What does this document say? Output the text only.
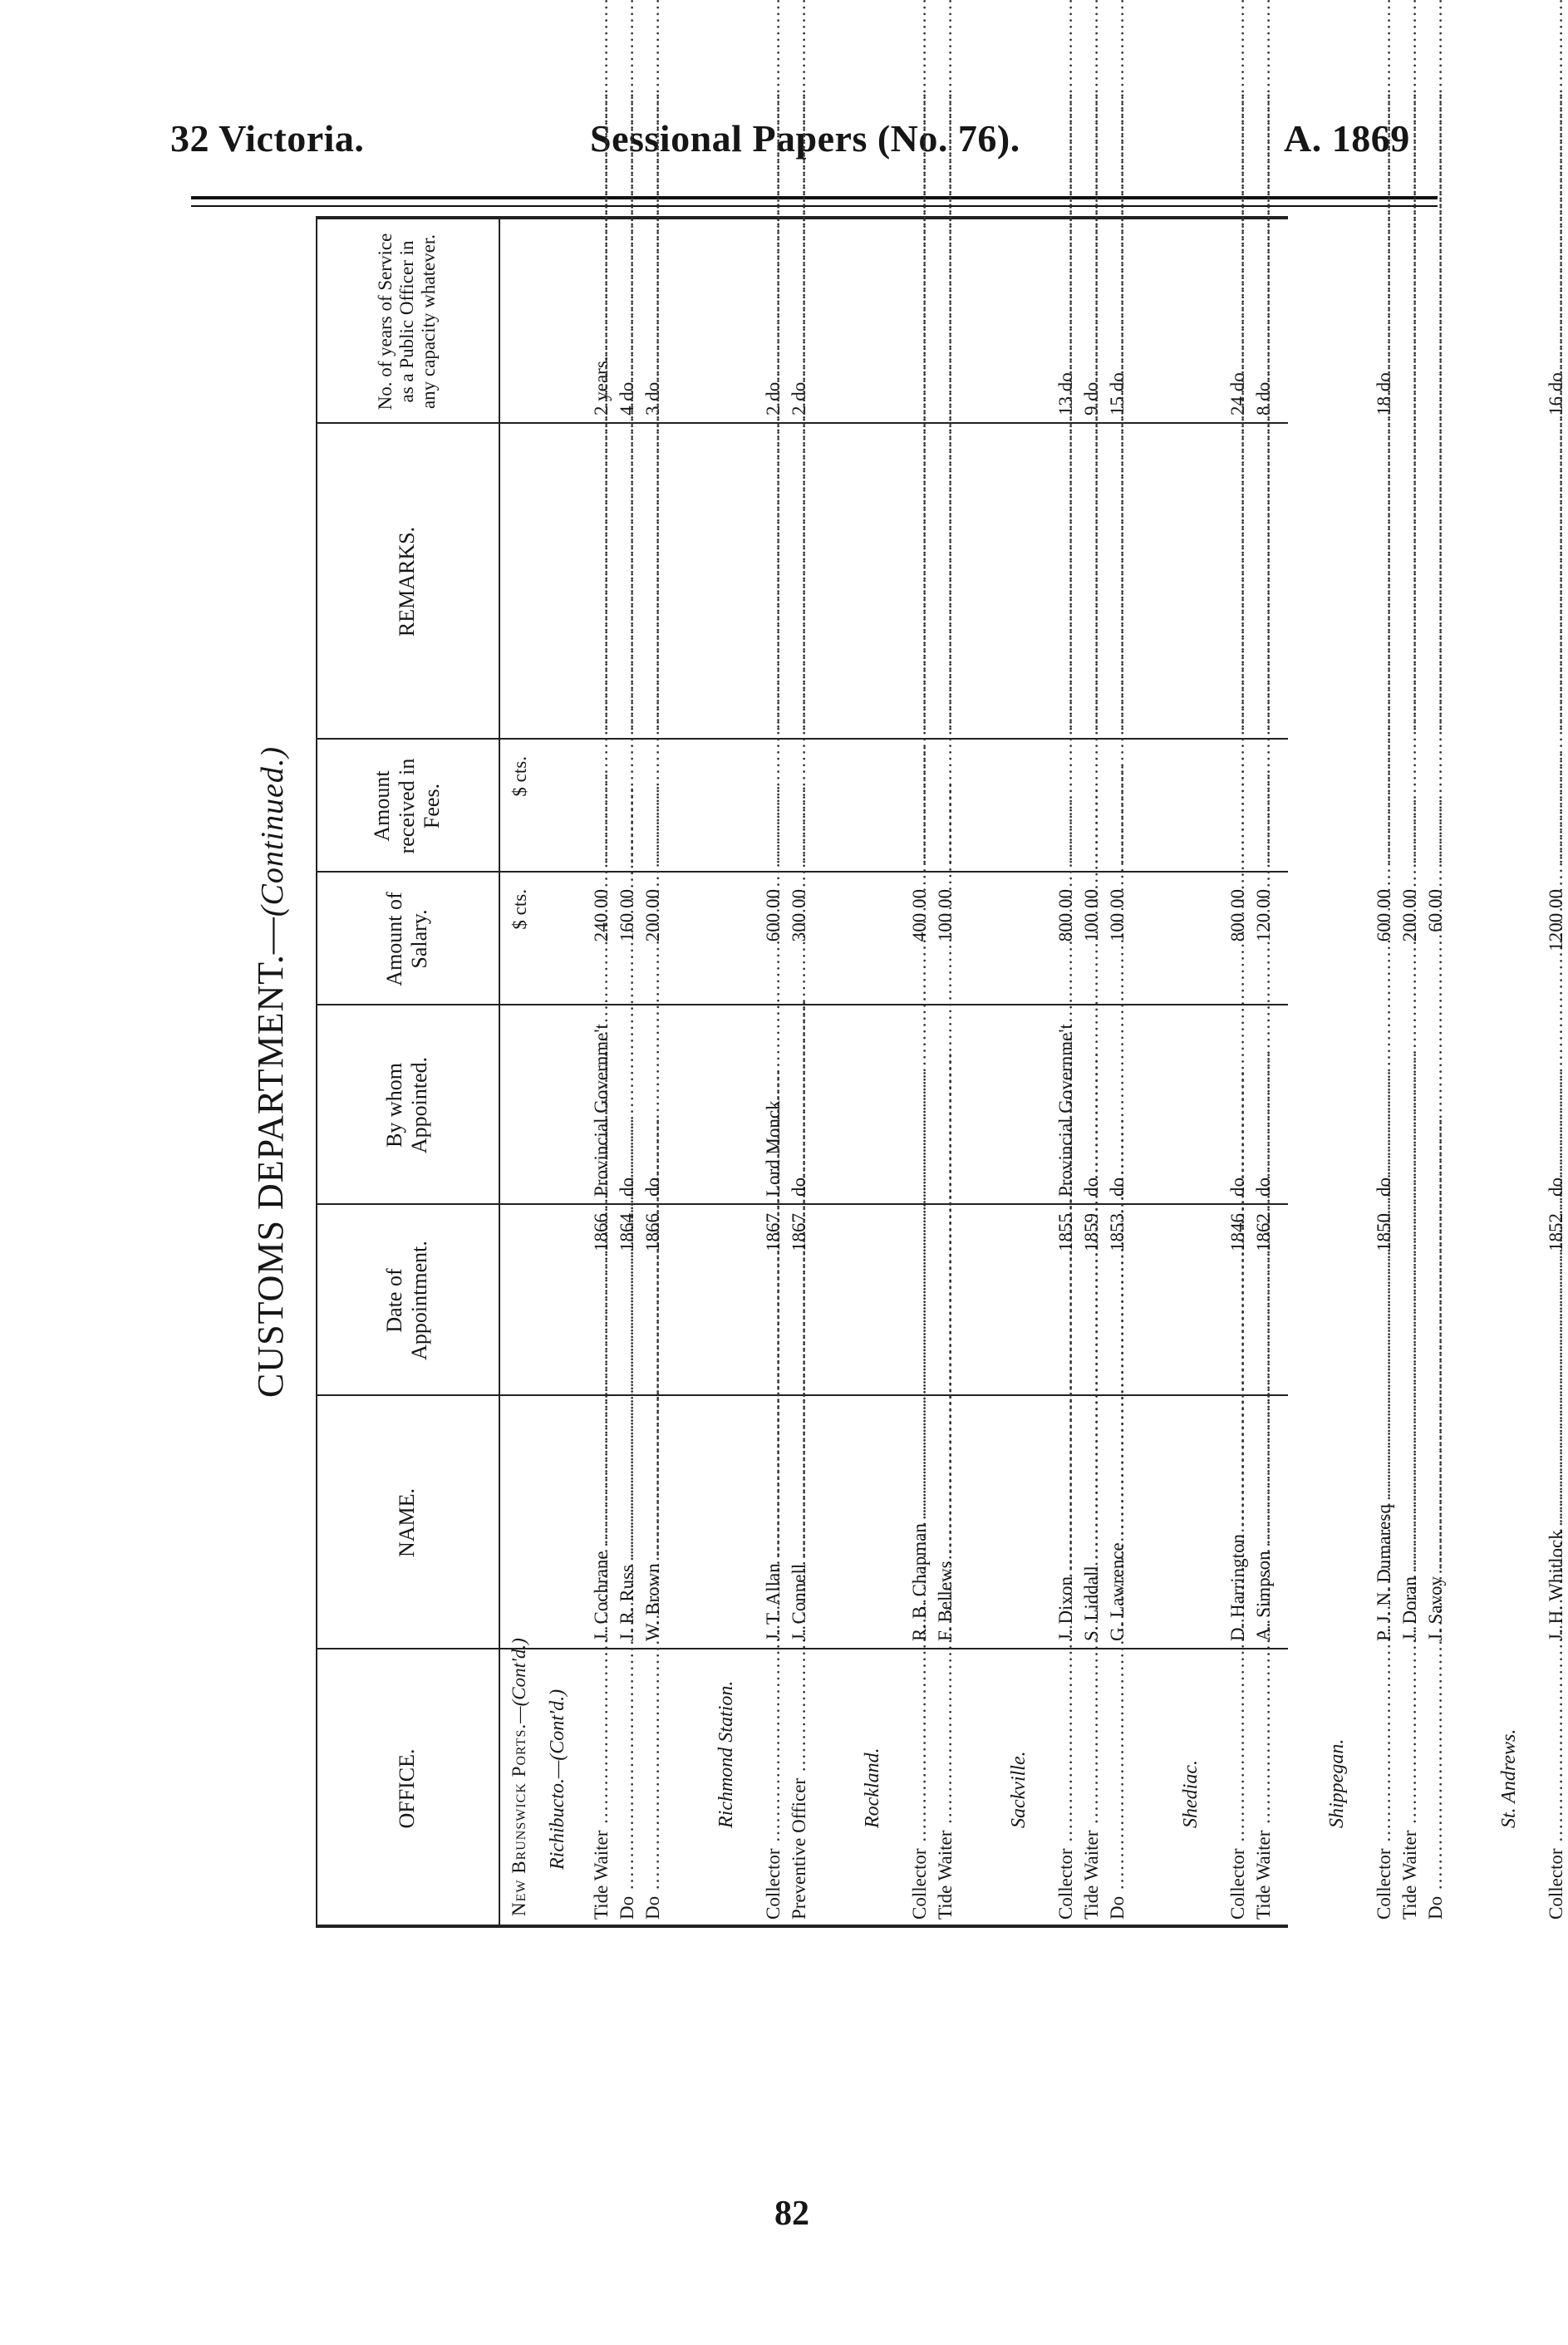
32 Victoria.	Sessional Papers (No. 76).	A. 1869
CUSTOMS DEPARTMENT.—(Continued.)
OFFICE.
NAME.
Date of Appointment.
By whom Appointed.
Amount of Salary.
Amount received in Fees.
REMARKS.
No. of years of Service as a Public Officer in any capacity whatever.
$ cts.
$ cts.
New Brunswick Ports.—(Cont'd.)
Richibucto.—(Cont'd.)
Tide Waiter .....
J. Cochrane .....
1866
Provincial Governme't
240 00
2 years.
.....
.....
Do .....
J. R. Russ .....
1864
do
160 00
4 do
.....
.....
Do .....
W. Brown .....
1866
do
200 00
3 do
.....
.....
Richmond Station.
Collector .....
J. T. Allan .....
1867
Lord Monck
600 00
2 do
.....
.....
Preventive Officer .....
J. Connell .....
1867
do
300 00
2 do
.....
.....
Rockland.
Collector .....
R. B. Chapman .....
400 00
.....
.....
Tide Waiter .....
F. Bellews .....
100 00
.....
.....
Sackville.
Collector .....
J. Dixon .....
1855
Provincial Governme't
800 00
13 do
.....
.....
Tide Waiter .....
S. Liddall .....
1859
do
100 00
9 do
.....
.....
Do .....
G. Lawrence .....
1853
do
100 00
15 do
.....
.....
Shediac.
Collector .....
D. Harrington .....
1846
do
800 00
24 do
.....
.....
Tide Waiter .....
A. Simpson .....
1862
do
120 00
8 do
.....
.....
Shippegan.
Collector .....
P. J. N. Dumaresq .....
1850
do
600 00
18 do
.....
.....
Tide Waiter .....
J. Doran .....
200 00
.....
.....
Do .....
J. Savoy .....
60 00
.....
.....
St. Andrews.
Collector .....
J. H. Whitlock .....
1852
do
1200 00
16 do
.....
.....
82
